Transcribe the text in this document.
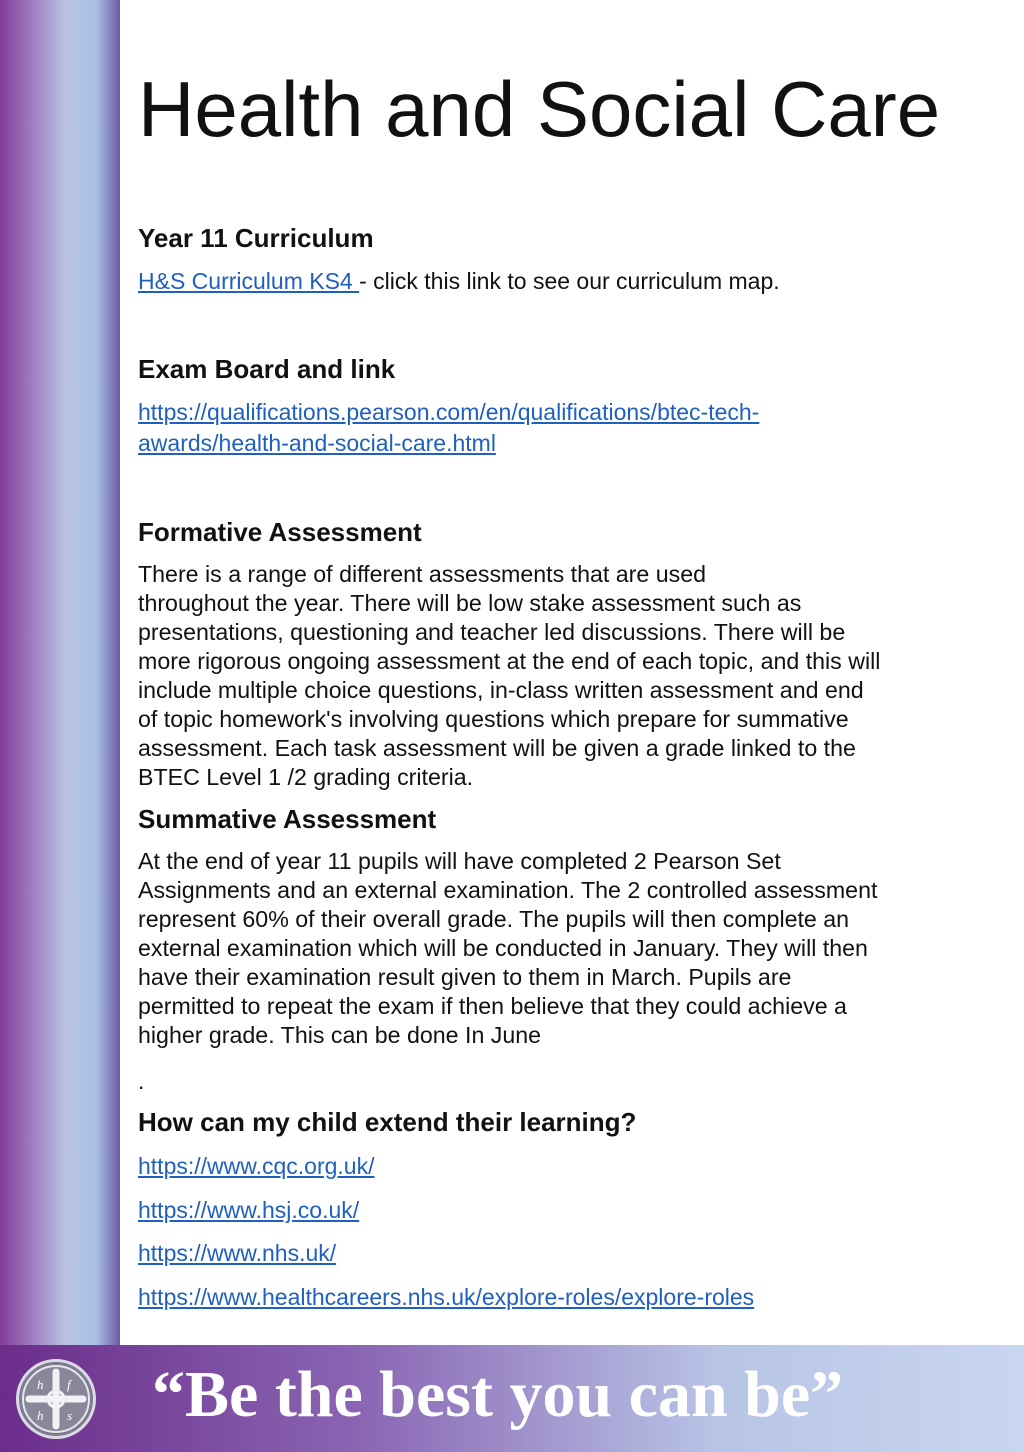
Health and Social Care
Year 11 Curriculum
H&S Curriculum KS4 - click this link to see our curriculum map.
Exam Board and link
https://qualifications.pearson.com/en/qualifications/btec-tech-
awards/health-and-social-care.html
Formative Assessment
There is a range of different assessments that are used
throughout the year. There will be low stake assessment such as
presentations, questioning and teacher led discussions. There will be
more rigorous ongoing assessment at the end of each topic, and this will
include multiple choice questions, in-class written assessment and end
of topic homework's involving questions which prepare for summative
assessment. Each task assessment will be given a grade linked to the
BTEC Level 1 /2 grading criteria.
Summative Assessment
At the end of year 11 pupils will have completed 2 Pearson Set
Assignments and an external examination. The 2 controlled assessment
represent 60% of their overall grade. The pupils will then complete an
external examination which will be conducted in January. They will then
have their examination result given to them in March. Pupils are
permitted to repeat the exam if then believe that they could achieve a
higher grade. This can be done In June
.
How can my child extend their learning?
https://www.cqc.org.uk/
https://www.hsj.co.uk/
https://www.nhs.uk/
https://www.healthcareers.nhs.uk/explore-roles/explore-roles
h f
h s “Be the best you can be”
